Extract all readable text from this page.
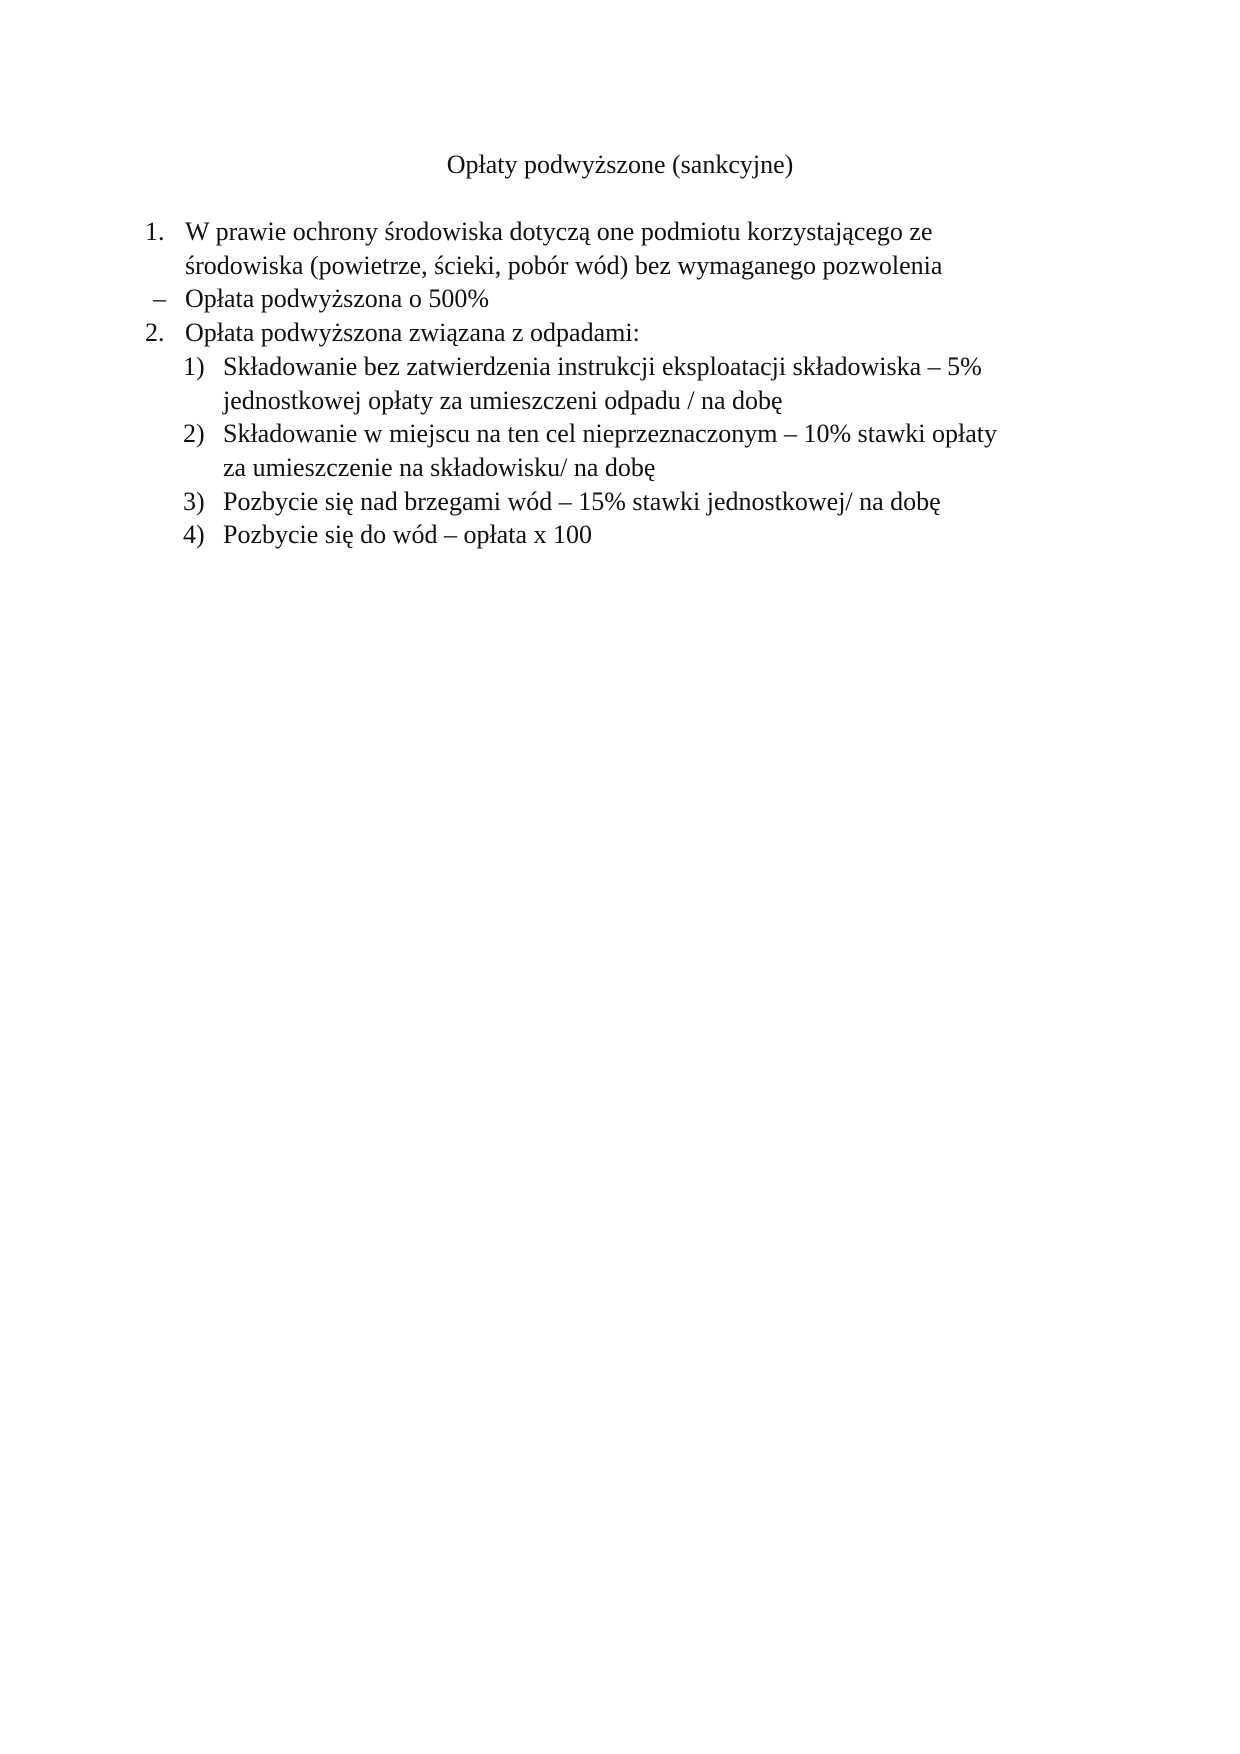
Opłaty podwyższone (sankcyjne)
1. W prawie ochrony środowiska dotyczą one podmiotu korzystającego ze
środowiska (powietrze, ścieki, pobór wód) bez wymaganego pozwolenia
– Opłata podwyższona o 500%
2. Opłata podwyższona związana z odpadami:
1) Składowanie bez zatwierdzenia instrukcji eksploatacji składowiska – 5%
jednostkowej opłaty za umieszczeni odpadu / na dobę
2) Składowanie w miejscu na ten cel nieprzeznaczonym – 10% stawki opłaty
za umieszczenie na składowisku/ na dobę
3) Pozbycie się nad brzegami wód – 15% stawki jednostkowej/ na dobę
4) Pozbycie się do wód – opłata x 100
